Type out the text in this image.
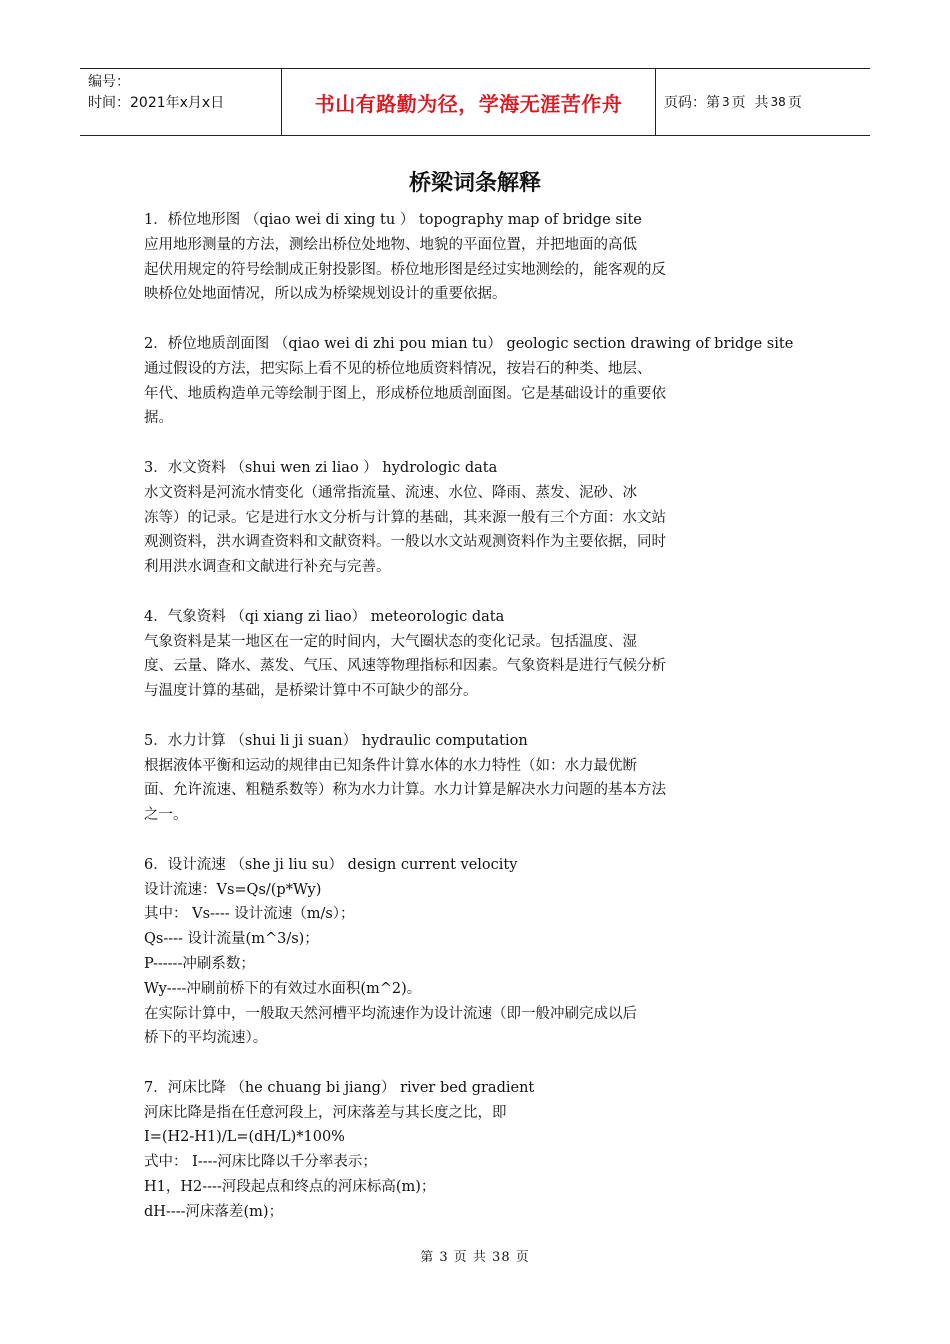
编号：
时间：2021年x月x日	书山有路勤为径，学海无涯苦作舟	页码：第 3 页  共 38 页
桥梁词条解释
1．桥位地形图 （qiao wei di xing tu ） topography map of bridge site
应用地形测量的方法，测绘出桥位处地物、地貌的平面位置，并把地面的高低
起伏用规定的符号绘制成正射投影图。桥位地形图是经过实地测绘的，能客观的反
映桥位处地面情况，所以成为桥梁规划设计的重要依据。
2．桥位地质剖面图 （qiao wei di zhi pou mian tu） geologic section drawing of bridge site
通过假设的方法，把实际上看不见的桥位地质资料情况，按岩石的种类、地层、
年代、地质构造单元等绘制于图上，形成桥位地质剖面图。它是基础设计的重要依
据。
3．水文资料 （shui wen zi liao ） hydrologic data
水文资料是河流水情变化（通常指流量、流速、水位、降雨、蒸发、泥砂、冰
冻等）的记录。它是进行水文分析与计算的基础，其来源一般有三个方面：水文站
观测资料，洪水调查资料和文献资料。一般以水文站观测资料作为主要依据，同时
利用洪水调查和文献进行补充与完善。
4．气象资料 （qi xiang zi liao） meteorologic data
气象资料是某一地区在一定的时间内，大气圈状态的变化记录。包括温度、湿
度、云量、降水、蒸发、气压、风速等物理指标和因素。气象资料是进行气候分析
与温度计算的基础，是桥梁计算中不可缺少的部分。
5．水力计算 （shui li ji suan） hydraulic computation
根据液体平衡和运动的规律由已知条件计算水体的水力特性（如：水力最优断
面、允许流速、粗糙系数等）称为水力计算。水力计算是解决水力问题的基本方法
之一。
6．设计流速 （she ji liu su） design current velocity
设计流速：Vs=Qs/(p*Wy)
其中： Vs---- 设计流速（m/s）；
Qs---- 设计流量(m^3/s)；
P------冲刷系数；
Wy----冲刷前桥下的有效过水面积(m^2)。
在实际计算中，一般取天然河槽平均流速作为设计流速（即一般冲刷完成以后
桥下的平均流速）。
7．河床比降 （he chuang bi jiang） river bed gradient
河床比降是指在任意河段上，河床落差与其长度之比，即
I=(H2-H1)/L=(dH/L)*100%
式中： I----河床比降以千分率表示；
H1，H2----河段起点和终点的河床标高(m)；
dH----河床落差(m)；
第 3 页 共 38 页
